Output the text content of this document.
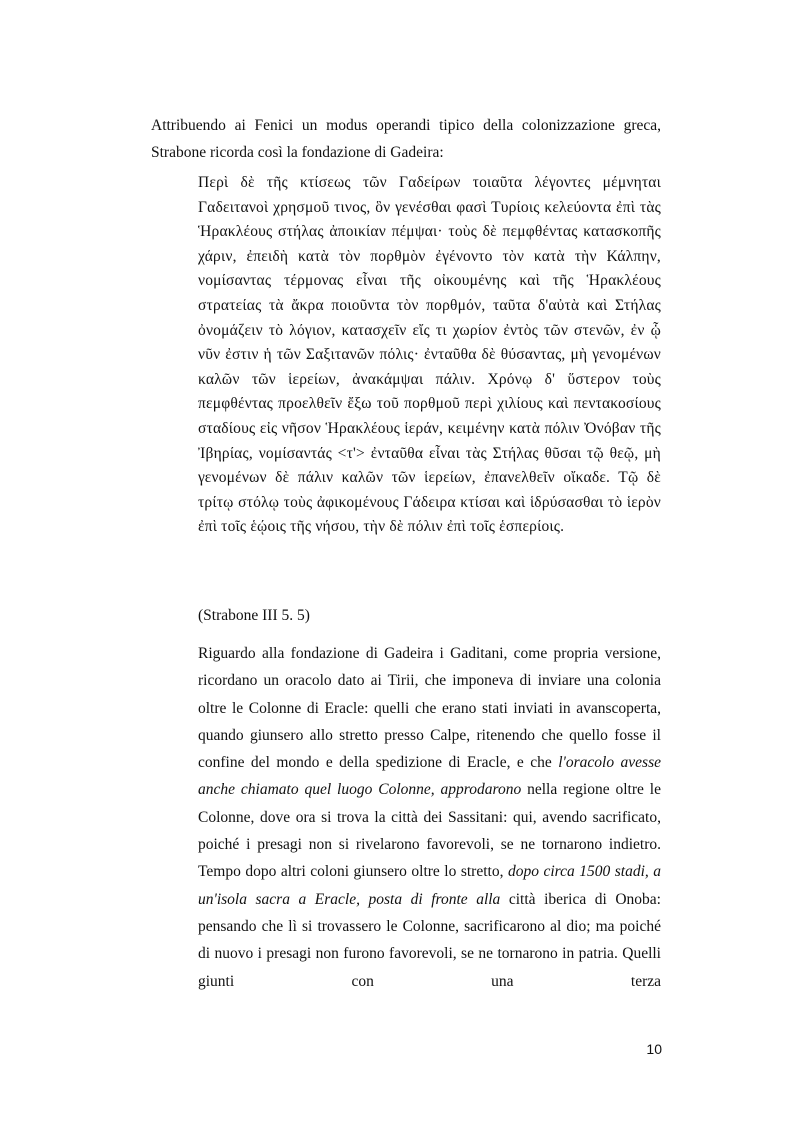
Attribuendo ai Fenici un modus operandi tipico della colonizzazione greca, Strabone ricorda così la fondazione di Gadeira:

Περὶ δὲ τῆς κτίσεως τῶν Γαδείρων τοιαῦτα λέγοντες μέμνηται Γαδειτανοὶ χρησμοῦ τινος, ὃν γενέσθαι φασὶ Τυρίοις κελεύοντα ἐπὶ τὰς Ἡρακλέους στήλας ἀποικίαν πέμψαι· τοὺς δὲ πεμφθέντας κατασκοπῆς χάριν, ἐπειδὴ κατὰ τὸν πορθμὸν ἐγένοντο τὸν κατὰ τὴν Κάλπην, νομίσαντας τέρμονας εἶναι τῆς οἰκουμένης καὶ τῆς Ἡρακλέους στρατείας τὰ ἄκρα ποιοῦντα τὸν πορθμόν, ταῦτα δ'αὐτὰ καὶ Στήλας ὀνομάζειν τὸ λόγιον, κατασχεῖν εἴς τι χωρίον ἐντὸς τῶν στενῶν, ἐν ᾧ νῦν ἐστιν ἡ τῶν Σαξιτανῶν πόλις· ἐνταῦθα δὲ θύσαντας, μὴ γενομένων καλῶν τῶν ἱερείων, ἀνακάμψαι πάλιν. Χρόνῳ δ' ὕστερον τοὺς πεμφθέντας προελθεῖν ἔξω τοῦ πορθμοῦ περὶ χιλίους καὶ πεντακοσίους σταδίους εἰς νῆσον Ἡρακλέους ἱεράν, κειμένην κατὰ πόλιν Ὀνόβαν τῆς Ἰβηρίας, νομίσαντάς <τ'> ἐνταῦθα εἶναι τὰς Στήλας θῦσαι τῷ θεῷ, μὴ γενομένων δὲ πάλιν καλῶν τῶν ἱερείων, ἐπανελθεῖν οἴκαδε. Τῷ δὲ τρίτῳ στόλῳ τοὺς ἀφικομένους Γάδειρα κτίσαι καὶ ἱδρύσασθαι τὸ ἱερὸν ἐπὶ τοῖς ἑῴοις τῆς νήσου, τὴν δὲ πόλιν ἐπὶ τοῖς ἑσπερίοις.

(Strabone III 5. 5)

Riguardo alla fondazione di Gadeira i Gaditani, come propria versione, ricordano un oracolo dato ai Tirii, che imponeva di inviare una colonia oltre le Colonne di Eracle: quelli che erano stati inviati in avanscoperta, quando giunsero allo stretto presso Calpe, ritenendo che quello fosse il confine del mondo e della spedizione di Eracle, e che l'oracolo avesse anche chiamato quel luogo Colonne, approdarono nella regione oltre le Colonne, dove ora si trova la città dei Sassitani: qui, avendo sacrificato, poiché i presagi non si rivelarono favorevoli, se ne tornarono indietro. Tempo dopo altri coloni giunsero oltre lo stretto, dopo circa 1500 stadi, a un'isola sacra a Eracle, posta di fronte alla città iberica di Onoba: pensando che lì si trovassero le Colonne, sacrificarono al dio; ma poiché di nuovo i presagi non furono favorevoli, se ne tornarono in patria. Quelli giunti con una terza

10
